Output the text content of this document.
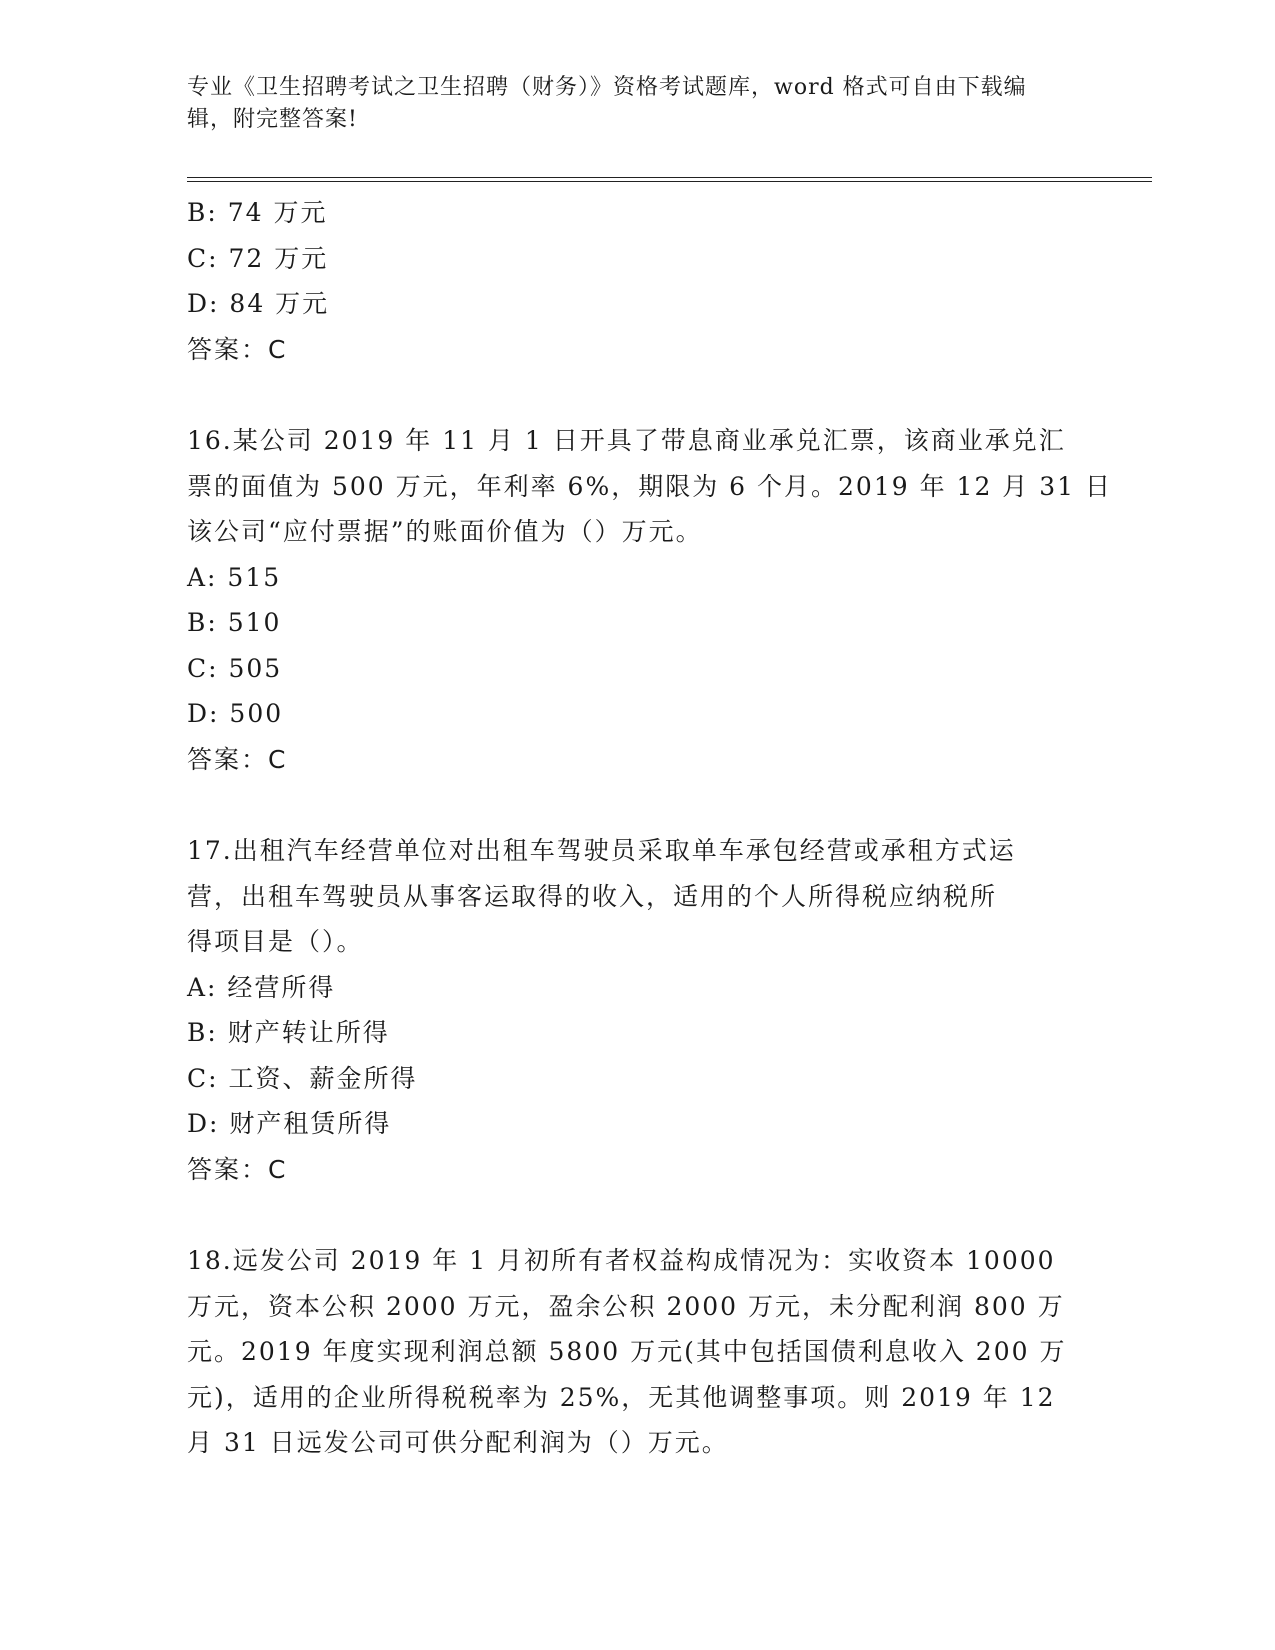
专业《卫生招聘考试之卫生招聘（财务）》资格考试题库，word 格式可自由下载编辑，附完整答案!
B: 74 万元
C: 72 万元
D: 84 万元
答案：C
16.某公司 2019 年 11 月 1 日开具了带息商业承兑汇票，该商业承兑汇
票的面值为 500 万元，年利率 6%，期限为 6 个月。2019 年 12 月 31 日
该公司“应付票据”的账面价值为（）万元。
A: 515
B: 510
C: 505
D: 500
答案：C
17.出租汽车经营单位对出租车驾驶员采取单车承包经营或承租方式运
营，出租车驾驶员从事客运取得的收入，适用的个人所得税应纳税所
得项目是（）。
A: 经营所得
B: 财产转让所得
C: 工资、薪金所得
D: 财产租赁所得
答案：C
18.远发公司 2019 年 1 月初所有者权益构成情况为：实收资本 10000
万元，资本公积 2000 万元，盈余公积 2000 万元，未分配利润 800 万
元。2019 年度实现利润总额 5800 万元(其中包括国债利息收入 200 万
元)，适用的企业所得税税率为 25%，无其他调整事项。则 2019 年 12
月 31 日远发公司可供分配利润为（）万元。
